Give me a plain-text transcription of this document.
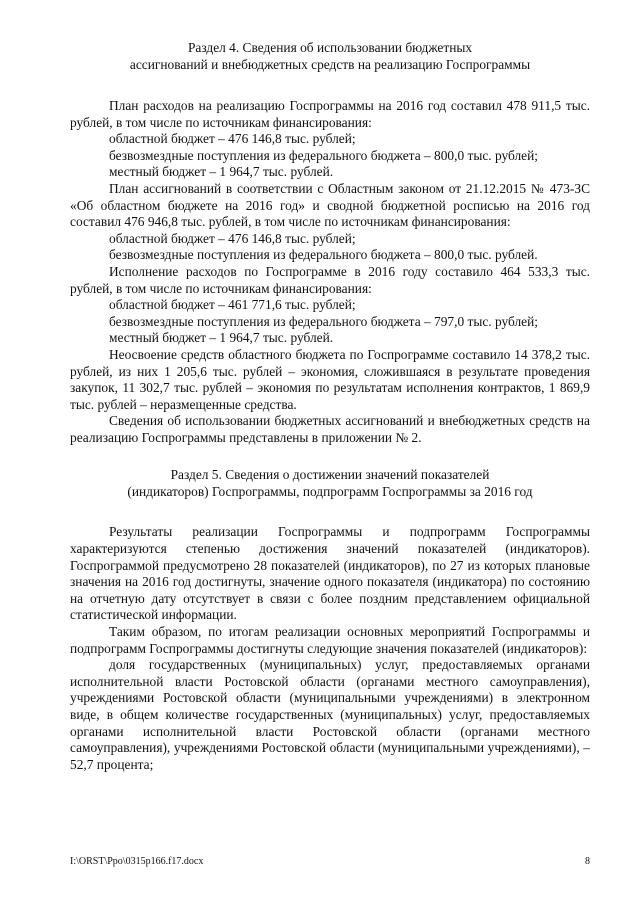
Раздел 4. Сведения об использовании бюджетных
ассигнований и внебюджетных средств на реализацию Госпрограммы

План расходов на реализацию Госпрограммы на 2016 год составил 478 911,5 тыс. рублей, в том числе по источникам финансирования:

областной бюджет – 476 146,8 тыс. рублей;

безвозмездные поступления из федерального бюджета – 800,0 тыс. рублей;

местный бюджет – 1 964,7 тыс. рублей.

План ассигнований в соответствии с Областным законом от 21.12.2015 № 473-ЗС «Об областном бюджете на 2016 год» и сводной бюджетной росписью на 2016 год составил 476 946,8 тыс. рублей, в том числе по источникам финансирования:

областной бюджет – 476 146,8 тыс. рублей;

безвозмездные поступления из федерального бюджета – 800,0 тыс. рублей.

Исполнение расходов по Госпрограмме в 2016 году составило 464 533,3 тыс. рублей, в том числе по источникам финансирования:

областной бюджет – 461 771,6 тыс. рублей;

безвозмездные поступления из федерального бюджета – 797,0 тыс. рублей;

местный бюджет – 1 964,7 тыс. рублей.

Неосвоение средств областного бюджета по Госпрограмме составило 14 378,2 тыс. рублей, из них 1 205,6 тыс. рублей – экономия, сложившаяся в результате проведения закупок, 11 302,7 тыс. рублей – экономия по результатам исполнения контрактов, 1 869,9 тыс. рублей – неразмещенные средства.

Сведения об использовании бюджетных ассигнований и внебюджетных средств на реализацию Госпрограммы представлены в приложении № 2.

Раздел 5. Сведения о достижении значений показателей
(индикаторов) Госпрограммы, подпрограмм Госпрограммы за 2016 год

Результаты реализации Госпрограммы и подпрограмм Госпрограммы характеризуются степенью достижения значений показателей (индикаторов). Госпрограммой предусмотрено 28 показателей (индикаторов), по 27 из которых плановые значения на 2016 год достигнуты, значение одного показателя (индикатора) по состоянию на отчетную дату отсутствует в связи с более поздним представлением официальной статистической информации.

Таким образом, по итогам реализации основных мероприятий Госпрограммы и подпрограмм Госпрограммы достигнуты следующие значения показателей (индикаторов):

доля государственных (муниципальных) услуг, предоставляемых органами исполнительной власти Ростовской области (органами местного самоуправления), учреждениями Ростовской области (муниципальными учреждениями) в электронном виде, в общем количестве государственных (муниципальных) услуг, предоставляемых органами исполнительной власти Ростовской области (органами местного самоуправления), учреждениями Ростовской области (муниципальными учреждениями), – 52,7 процента;

I:\ORST\Ppo\0315p166.f17.docx	8
